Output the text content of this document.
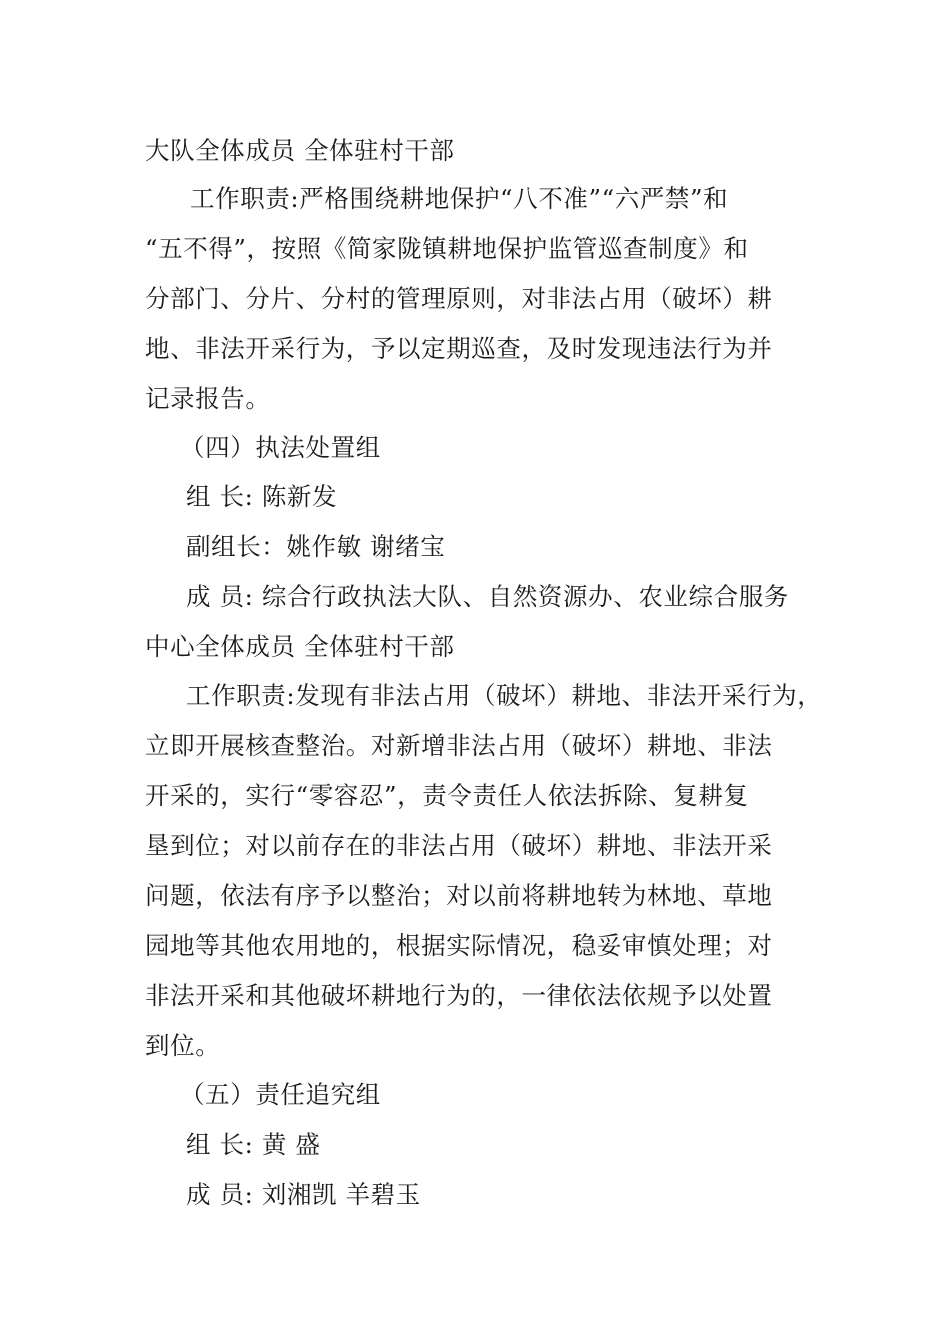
大队全体成员 全体驻村干部

工作职责:严格围绕耕地保护“八不准”“六严禁”和

“五不得”，按照《简家陇镇耕地保护监管巡查制度》和

分部门、分片、分村的管理原则，对非法占用（破坏）耕

地、非法开采行为，予以定期巡查，及时发现违法行为并

记录报告。

（四）执法处置组

组 长: 陈新发

副组长：姚作敏 谢绪宝

成 员: 综合行政执法大队、自然资源办、农业综合服务

中心全体成员 全体驻村干部

工作职责:发现有非法占用（破坏）耕地、非法开采行为，

立即开展核查整治。对新增非法占用（破坏）耕地、非法

开采的，实行“零容忍”，责令责任人依法拆除、复耕复

垦到位；对以前存在的非法占用（破坏）耕地、非法开采

问题，依法有序予以整治；对以前将耕地转为林地、草地

园地等其他农用地的，根据实际情况，稳妥审慎处理；对

非法开采和其他破坏耕地行为的，一律依法依规予以处置

到位。

（五）责任追究组

组 长: 黄 盛

成 员: 刘湘凯 羊碧玉
